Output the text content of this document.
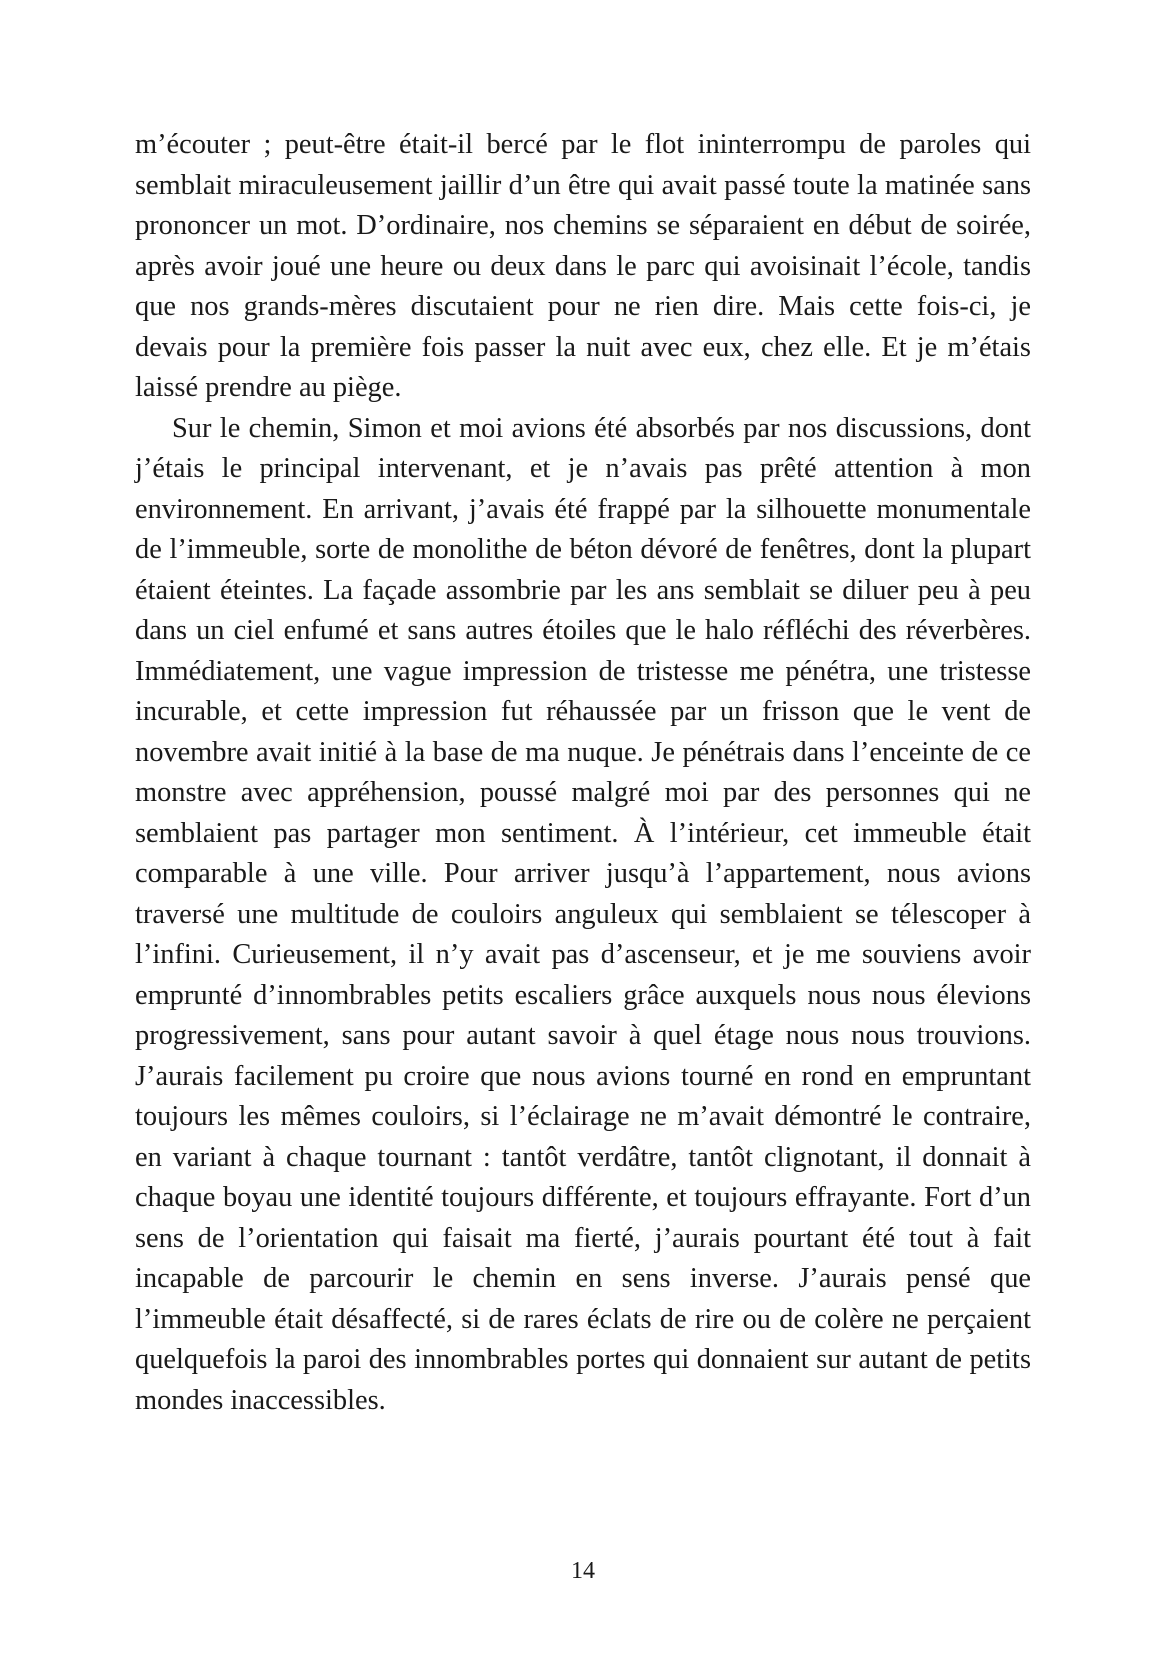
m’écouter ; peut-être était-il bercé par le flot ininterrompu de paroles qui semblait miraculeusement jaillir d’un être qui avait passé toute la matinée sans prononcer un mot. D’ordinaire, nos chemins se séparaient en début de soirée, après avoir joué une heure ou deux dans le parc qui avoisinait l’école, tandis que nos grands-mères discutaient pour ne rien dire. Mais cette fois-ci, je devais pour la première fois passer la nuit avec eux, chez elle. Et je m’étais laissé prendre au piège.

Sur le chemin, Simon et moi avions été absorbés par nos discussions, dont j’étais le principal intervenant, et je n’avais pas prêté attention à mon environnement. En arrivant, j’avais été frappé par la silhouette monumentale de l’immeuble, sorte de monolithe de béton dévoré de fenêtres, dont la plupart étaient éteintes. La façade assombrie par les ans semblait se diluer peu à peu dans un ciel enfumé et sans autres étoiles que le halo réfléchi des réverbères. Immédiatement, une vague impression de tristesse me pénétra, une tristesse incurable, et cette impression fut réhaussée par un frisson que le vent de novembre avait initié à la base de ma nuque. Je pénétrais dans l’enceinte de ce monstre avec appréhension, poussé malgré moi par des personnes qui ne semblaient pas partager mon sentiment. À l’intérieur, cet immeuble était comparable à une ville. Pour arriver jusqu’à l’appartement, nous avions traversé une multitude de couloirs anguleux qui semblaient se télescoper à l’infini. Curieusement, il n’y avait pas d’ascenseur, et je me souviens avoir emprunté d’innombrables petits escaliers grâce auxquels nous nous élevions progressivement, sans pour autant savoir à quel étage nous nous trouvions. J’aurais facilement pu croire que nous avions tourné en rond en empruntant toujours les mêmes couloirs, si l’éclairage ne m’avait démontré le contraire, en variant à chaque tournant : tantôt verdâtre, tantôt clignotant, il donnait à chaque boyau une identité toujours différente, et toujours effrayante. Fort d’un sens de l’orientation qui faisait ma fierté, j’aurais pourtant été tout à fait incapable de parcourir le chemin en sens inverse. J’aurais pensé que l’immeuble était désaffecté, si de rares éclats de rire ou de colère ne perçaient quelquefois la paroi des innombrables portes qui donnaient sur autant de petits mondes inaccessibles.

14
